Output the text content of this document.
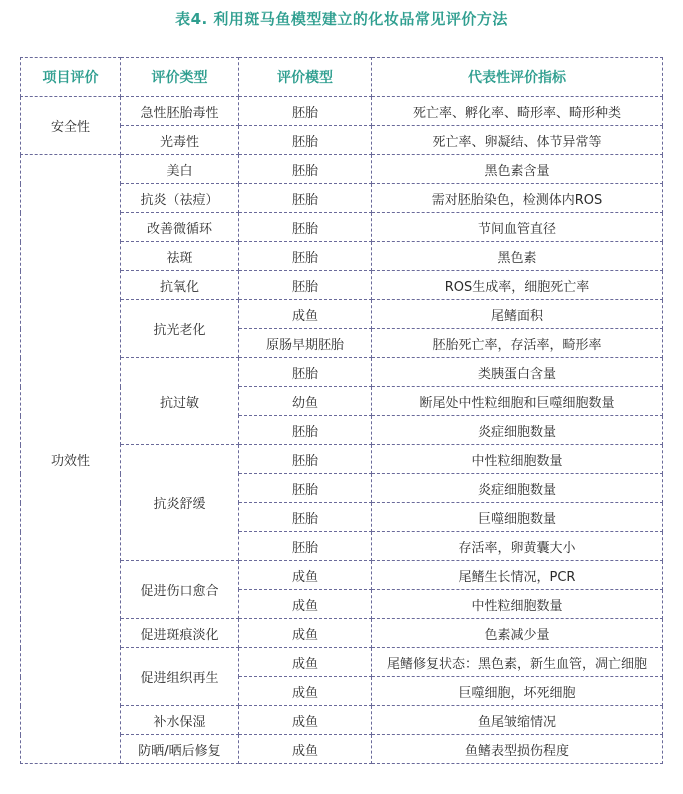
表4. 利用斑马鱼模型建立的化妆品常见评价方法
项目评价	评价类型	评价模型	代表性评价指标
安全性	急性胚胎毒性	胚胎	死亡率、孵化率、畸形率、畸形种类
	光毒性	胚胎	死亡率、卵凝结、体节异常等
功效性	美白	胚胎	黑色素含量
	抗炎（祛痘）	胚胎	需对胚胎染色，检测体内ROS
	改善微循环	胚胎	节间血管直径
	祛斑	胚胎	黑色素
	抗氧化	胚胎	ROS生成率，细胞死亡率
	抗光老化	成鱼	尾鳍面积
		原肠早期胚胎	胚胎死亡率，存活率，畸形率
	抗过敏	胚胎	类胰蛋白含量
		幼鱼	断尾处中性粒细胞和巨噬细胞数量
		胚胎	炎症细胞数量
	抗炎舒缓	胚胎	中性粒细胞数量
		胚胎	炎症细胞数量
		胚胎	巨噬细胞数量
		胚胎	存活率，卵黄囊大小
	促进伤口愈合	成鱼	尾鳍生长情况，PCR
		成鱼	中性粒细胞数量
	促进斑痕淡化	成鱼	色素减少量
	促进组织再生	成鱼	尾鳍修复状态：黑色素，新生血管，凋亡细胞
		成鱼	巨噬细胞，坏死细胞
	补水保湿	成鱼	鱼尾皱缩情况
	防晒/晒后修复	成鱼	鱼鳍表型损伤程度
